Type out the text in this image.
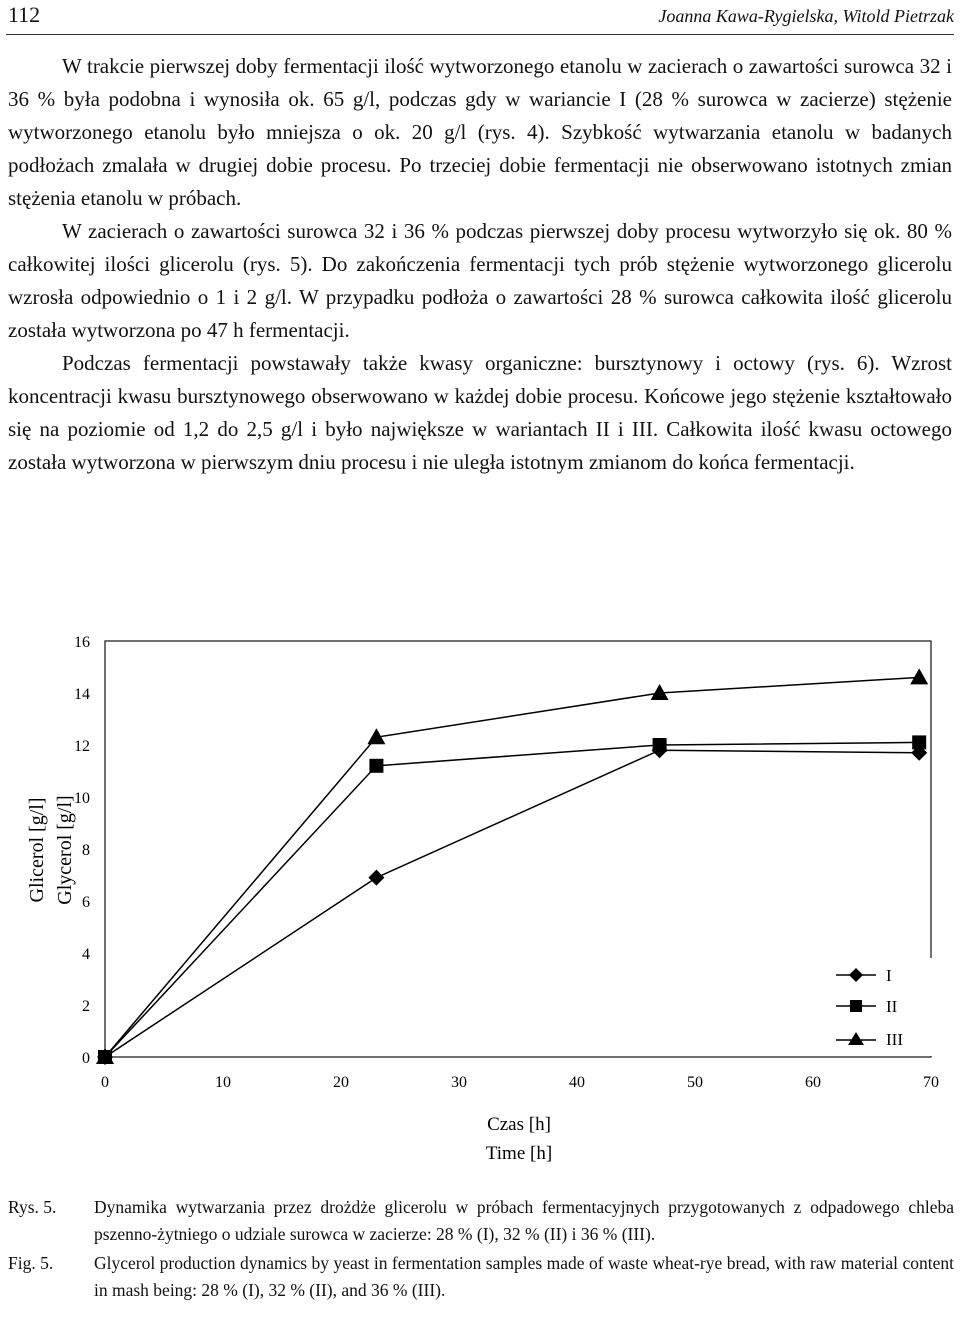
112	Joanna Kawa-Rygielska, Witold Pietrzak

W trakcie pierwszej doby fermentacji ilość wytworzonego etanolu w zacierach o zawartości surowca 32 i 36 % była podobna i wynosiła ok. 65 g/l, podczas gdy w wariancie I (28 % surowca w zacierze) stężenie wytworzonego etanolu było mniejsza o ok. 20 g/l (rys. 4). Szybkość wytwarzania etanolu w badanych podłożach zmalała w drugiej dobie procesu. Po trzeciej dobie fermentacji nie obserwowano istotnych zmian stężenia etanolu w próbach.

W zacierach o zawartości surowca 32 i 36 % podczas pierwszej doby procesu wytworzyło się ok. 80 % całkowitej ilości glicerolu (rys. 5). Do zakończenia fermentacji tych prób stężenie wytworzonego glicerolu wzrosła odpowiednio o 1 i 2 g/l. W przypadku podłoża o zawartości 28 % surowca całkowita ilość glicerolu została wytworzona po 47 h fermentacji.

Podczas fermentacji powstawały także kwasy organiczne: bursztynowy i octowy (rys. 6). Wzrost koncentracji kwasu bursztynowego obserwowano w każdej dobie procesu. Końcowe jego stężenie kształtowało się na poziomie od 1,2 do 2,5 g/l i było największe w wariantach II i III. Całkowita ilość kwasu octowego została wytworzona w pierwszym dniu procesu i nie uległa istotnym zmianom do końca fermentacji.

0
2
4
6
8
10
12
14
16
0	10	20	30	40	50	60	70
Glicerol [g/l] Glycerol [g/l]
Czas [h]
Time [h]
I
II
III
Rys. 5.	Dynamika wytwarzania przez drożdże glicerolu w próbach fermentacyjnych przygotowanych z odpadowego chleba pszenno-żytniego o udziale surowca w zacierze: 28 % (I), 32 % (II) i 36 % (III).
Fig. 5.	Glycerol production dynamics by yeast in fermentation samples made of waste wheat-rye bread, with raw material content in mash being: 28 % (I), 32 % (II), and 36 % (III).
